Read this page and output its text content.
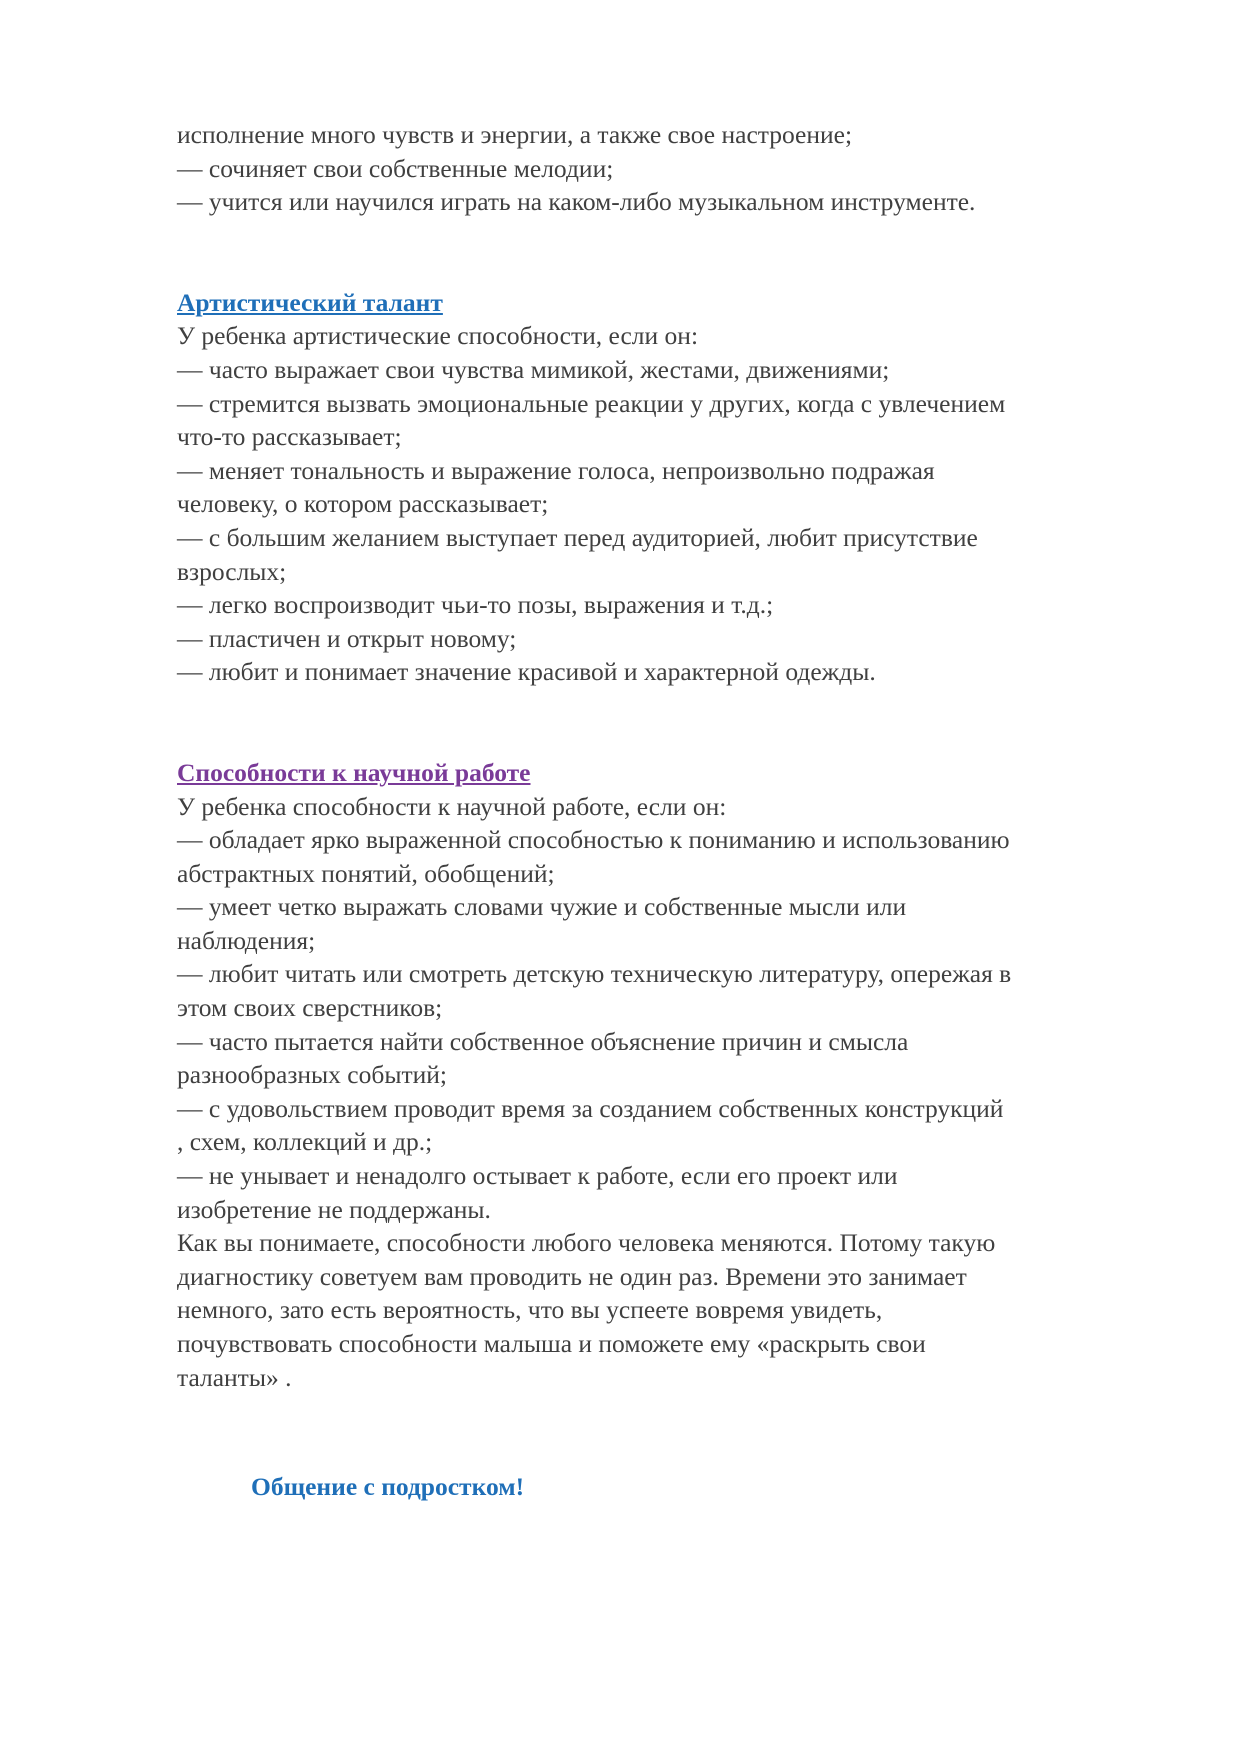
исполнение много чувств и энергии, а также свое настроение;

— сочиняет свои собственные мелодии;

— учится или научился играть на каком-либо музыкальном инструменте.

Артистический талант

У ребенка артистические способности, если он:

— часто выражает свои чувства мимикой, жестами, движениями;

— стремится вызвать эмоциональные реакции у других, когда с увлечением

что-то рассказывает;

— меняет тональность и выражение голоса, непроизвольно подражая

человеку, о котором рассказывает;

— с большим желанием выступает перед аудиторией, любит присутствие

взрослых;

— легко воспроизводит чьи-то позы, выражения и т.д.;

— пластичен и открыт новому;

— любит и понимает значение красивой и характерной одежды.

Способности к научной работе

У ребенка способности к научной работе, если он:

— обладает ярко выраженной способностью к пониманию и использованию

абстрактных понятий, обобщений;

— умеет четко выражать словами чужие и собственные мысли или

наблюдения;

— любит читать или смотреть детскую техническую литературу, опережая в

этом своих сверстников;

— часто пытается найти собственное объяснение причин и смысла

разнообразных событий;

— с удовольствием проводит время за созданием собственных конструкций

, схем, коллекций и др.;

— не унывает и ненадолго остывает к работе, если его проект или

изобретение не поддержаны.

Как вы понимаете, способности любого человека меняются. Потому такую

диагностику советуем вам проводить не один раз. Времени это занимает

немного, зато есть вероятность, что вы успеете вовремя увидеть,

почувствовать способности малыша и поможете ему «раскрыть свои

таланты» .

Общение с подростком!
